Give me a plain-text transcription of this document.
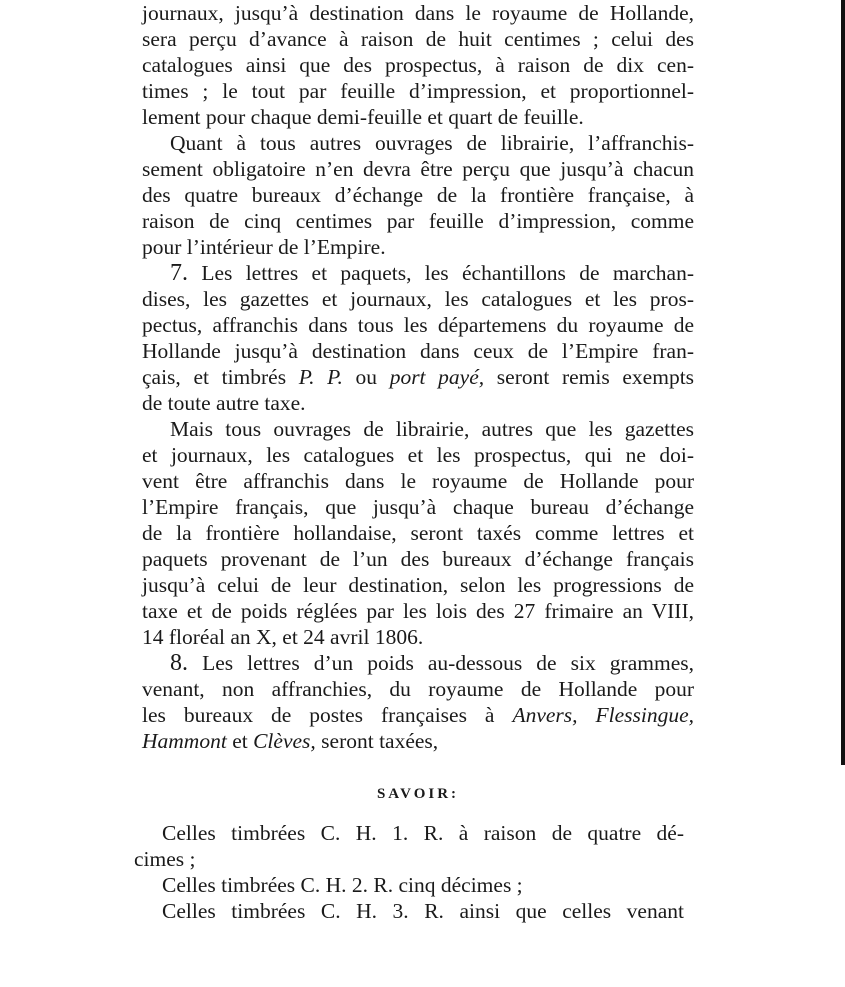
journaux, jusqu’à destination dans le royaume de Hollande,
sera perçu d’avance à raison de huit centimes ; celui des
catalogues ainsi que des prospectus, à raison de dix cen-
times ; le tout par feuille d’impression, et proportionnel-
lement pour chaque demi-feuille et quart de feuille.
Quant à tous autres ouvrages de librairie, l’affranchis-
sement obligatoire n’en devra être perçu que jusqu’à chacun
des quatre bureaux d’échange de la frontière française, à
raison de cinq centimes par feuille d’impression, comme
pour l’intérieur de l’Empire.
7. Les lettres et paquets, les échantillons de marchan-
dises, les gazettes et journaux, les catalogues et les pros-
pectus, affranchis dans tous les départemens du royaume de
Hollande jusqu’à destination dans ceux de l’Empire fran-
çais, et timbrés P. P. ou port payé, seront remis exempts
de toute autre taxe.
Mais tous ouvrages de librairie, autres que les gazettes
et journaux, les catalogues et les prospectus, qui ne doi-
vent être affranchis dans le royaume de Hollande pour
l’Empire français, que jusqu’à chaque bureau d’échange
de la frontière hollandaise, seront taxés comme lettres et
paquets provenant de l’un des bureaux d’échange français
jusqu’à celui de leur destination, selon les progressions de
taxe et de poids réglées par les lois des 27 frimaire an VIII,
14 floréal an X, et 24 avril 1806.
8. Les lettres d’un poids au-dessous de six grammes,
venant, non affranchies, du royaume de Hollande pour
les bureaux de postes françaises à Anvers, Flessingue,
Hammont et Clèves, seront taxées,
SAVOIR:
Celles timbrées C. H. 1. R. à raison de quatre dé-
cimes ;
Celles timbrées C. H. 2. R. cinq décimes ;
Celles timbrées C. H. 3. R. ainsi que celles venant
